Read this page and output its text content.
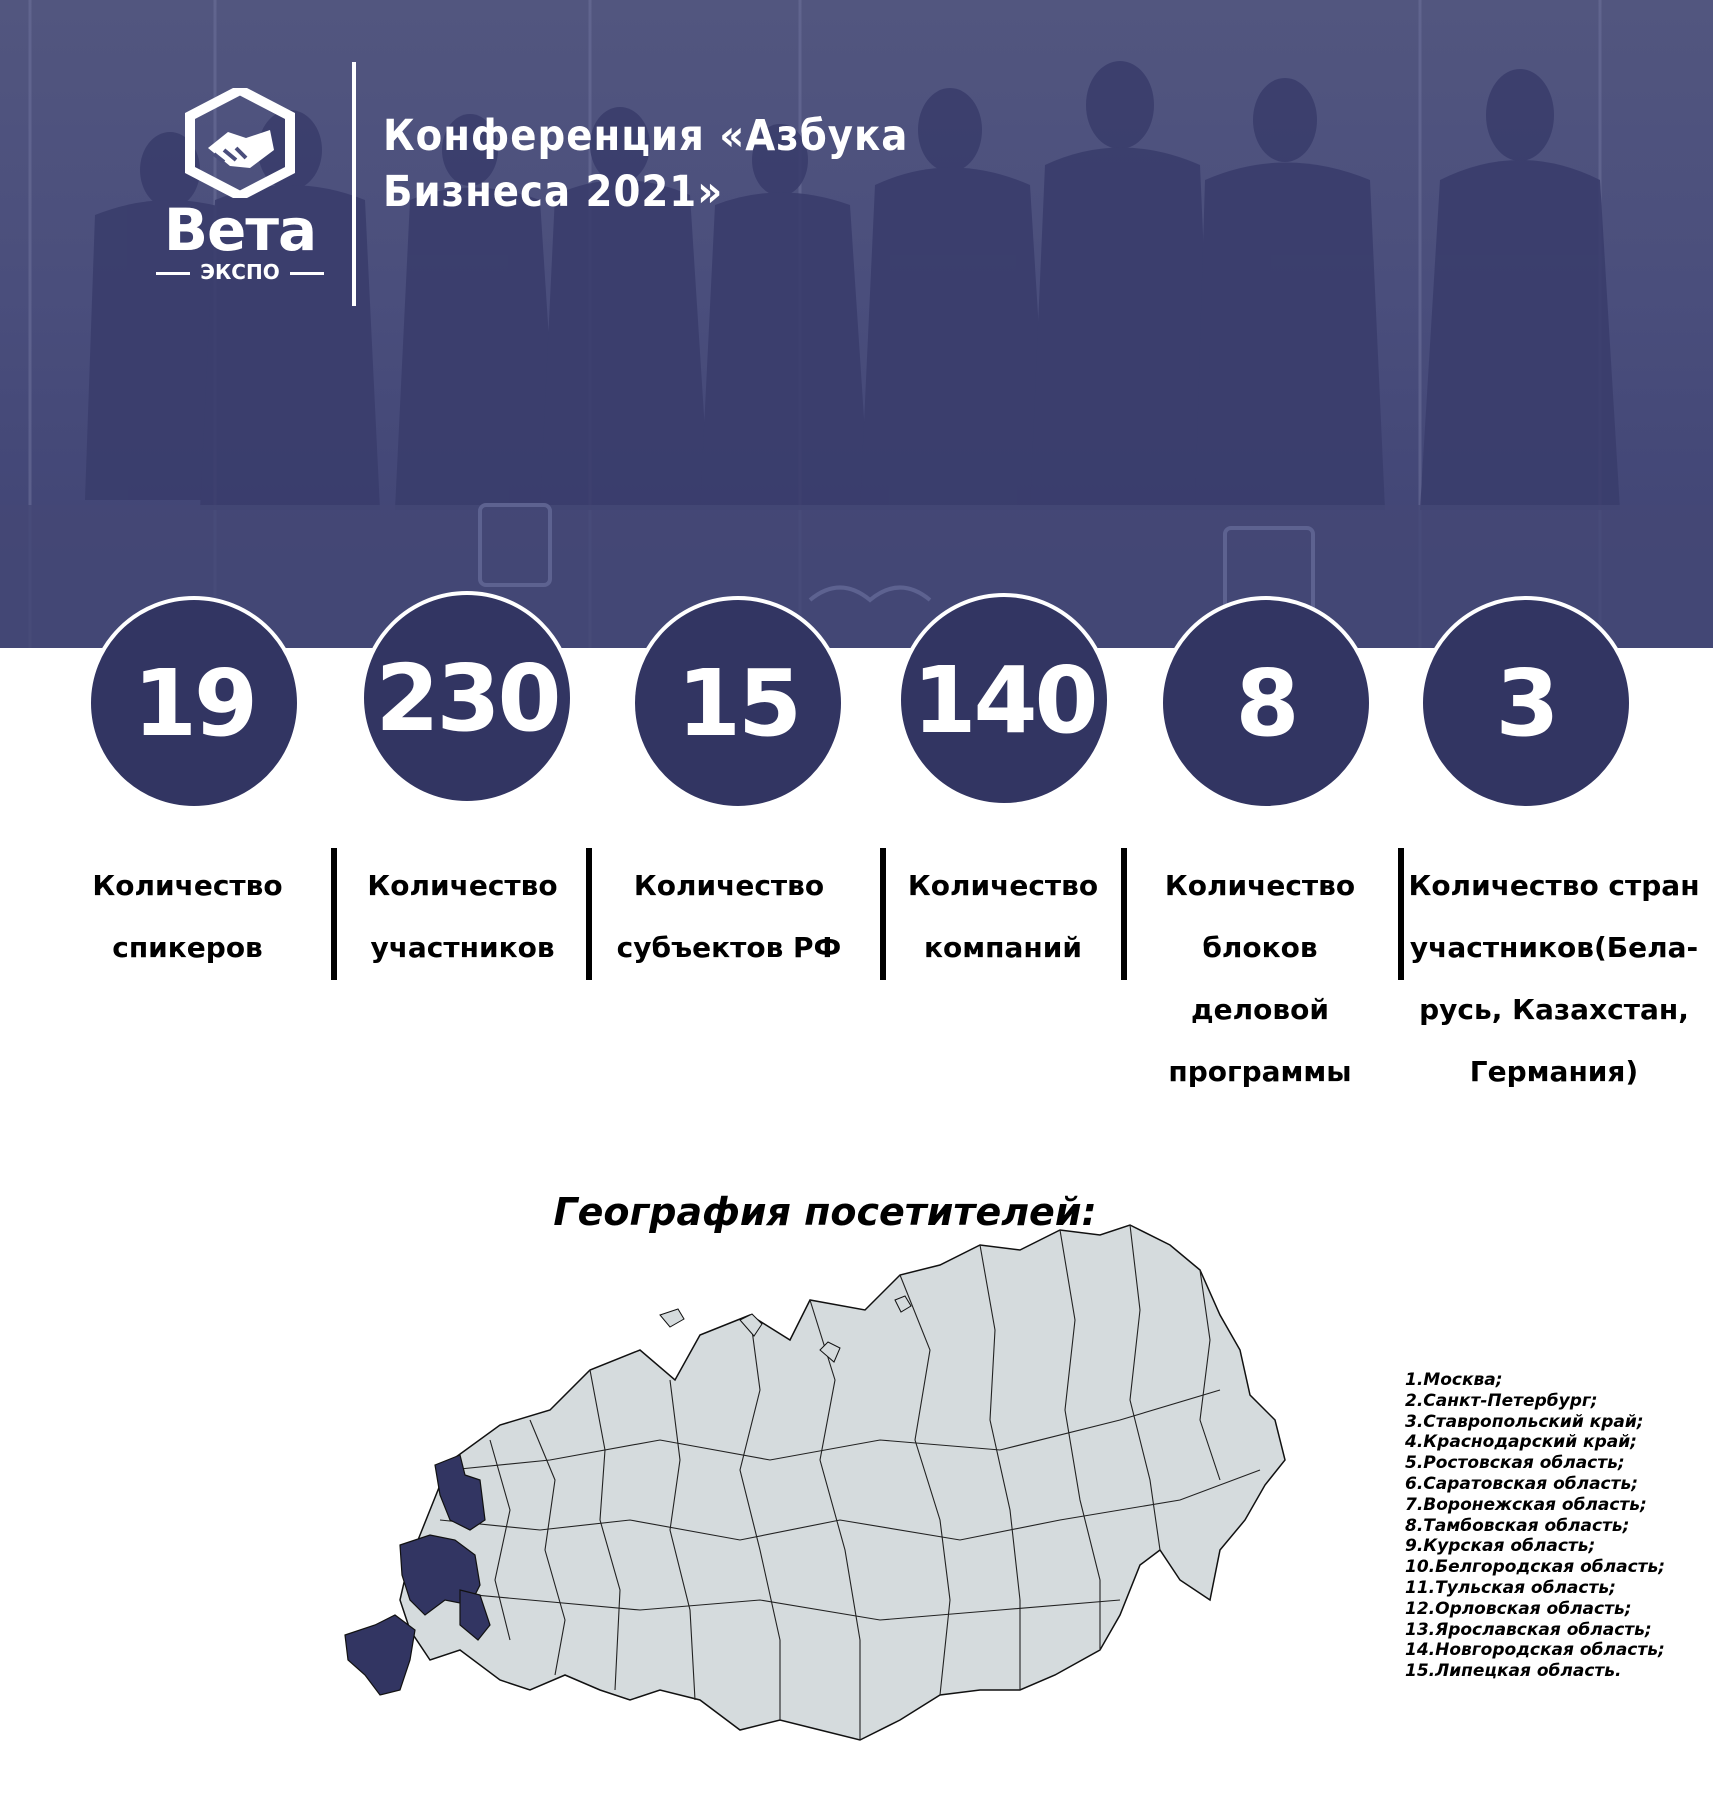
Вета
ЭКСПО
Конференция «Азбука Бизнеса 2021»
19	230	15	140	8	3
Количество спикеров
Количество участников
Количество субъектов РФ
Количество компаний
Количество блоков деловой программы
Количество стран участников(Бела-русь, Казахстан, Германия)
География посетителей:
1.Москва;
2.Санкт-Петербург;
3.Ставропольский край;
4.Краснодарский край;
5.Ростовская область;
6.Саратовская область;
7.Воронежская область;
8.Тамбовская область;
9.Курская область;
10.Белгородская область;
11.Тульская область;
12.Орловская область;
13.Ярославская область;
14.Новгородская область;
15.Липецкая область.
